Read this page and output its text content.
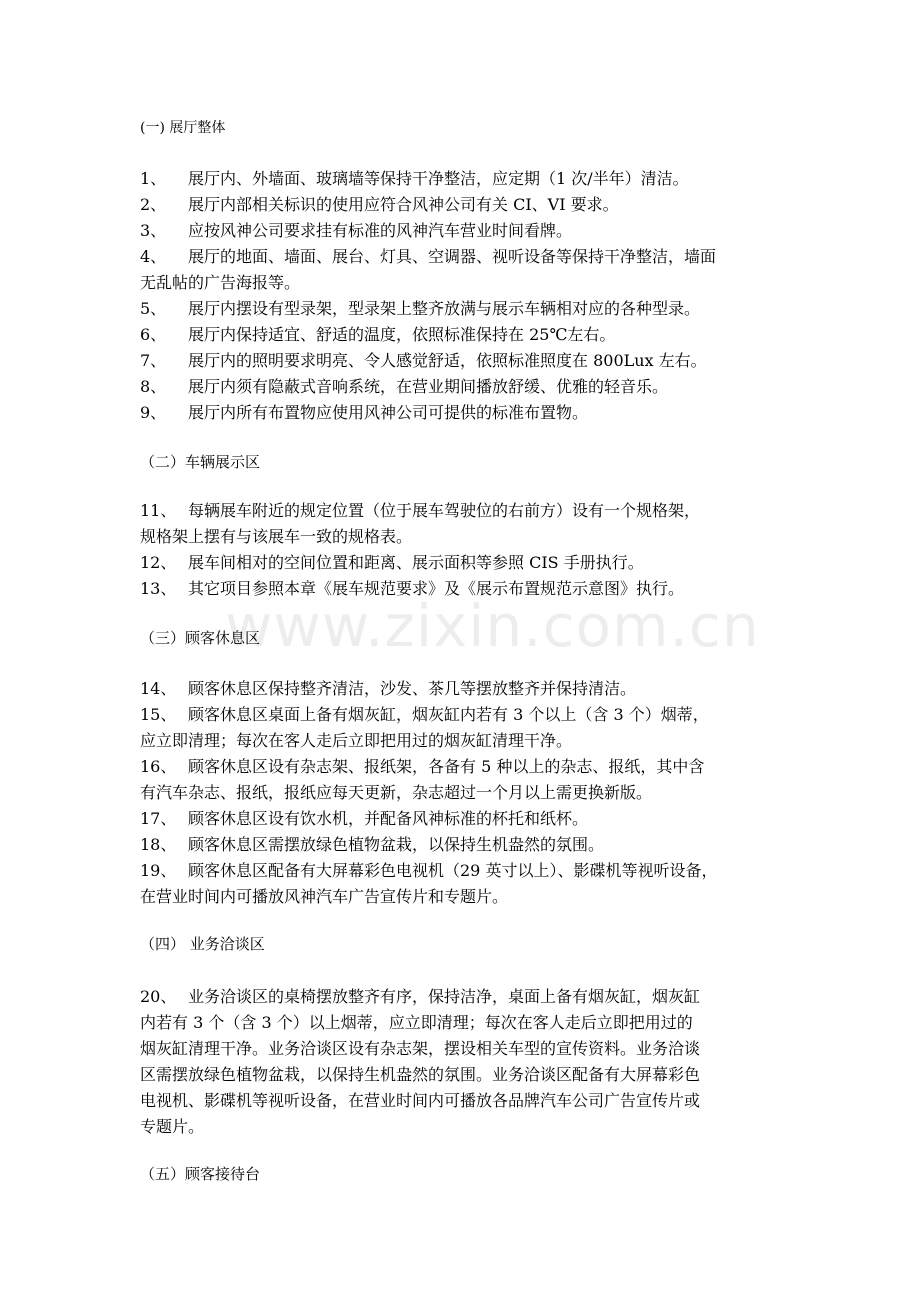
www.zixin.com.cn
(一) 展厅整体
1、 展厅内、外墙面、玻璃墙等保持干净整洁，应定期（1 次/半年）清洁。
2、 展厅内部相关标识的使用应符合风神公司有关 CI、VI 要求。
3、 应按风神公司要求挂有标准的风神汽车营业时间看牌。
4、 展厅的地面、墙面、展台、灯具、空调器、视听设备等保持干净整洁，墙面
无乱帖的广告海报等。
5、 展厅内摆设有型录架，型录架上整齐放满与展示车辆相对应的各种型录。
6、 展厅内保持适宜、舒适的温度，依照标准保持在 25℃左右。
7、 展厅内的照明要求明亮、令人感觉舒适，依照标准照度在 800Lux 左右。
8、 展厅内须有隐蔽式音响系统，在营业期间播放舒缓、优雅的轻音乐。
9、 展厅内所有布置物应使用风神公司可提供的标准布置物。
（二）车辆展示区
11、 每辆展车附近的规定位置（位于展车驾驶位的右前方）设有一个规格架，
规格架上摆有与该展车一致的规格表。
12、 展车间相对的空间位置和距离、展示面积等参照 CIS 手册执行。
13、 其它项目参照本章《展车规范要求》及《展示布置规范示意图》执行。
（三）顾客休息区
14、 顾客休息区保持整齐清洁，沙发、茶几等摆放整齐并保持清洁。
15、 顾客休息区桌面上备有烟灰缸，烟灰缸内若有 3 个以上（含 3 个）烟蒂，
应立即清理；每次在客人走后立即把用过的烟灰缸清理干净。
16、 顾客休息区设有杂志架、报纸架，各备有 5 种以上的杂志、报纸，其中含
有汽车杂志、报纸，报纸应每天更新，杂志超过一个月以上需更换新版。
17、 顾客休息区设有饮水机，并配备风神标准的杯托和纸杯。
18、 顾客休息区需摆放绿色植物盆栽，以保持生机盎然的氛围。
19、 顾客休息区配备有大屏幕彩色电视机（29 英寸以上）、影碟机等视听设备，
在营业时间内可播放风神汽车广告宣传片和专题片。
（四） 业务洽谈区
20、 业务洽谈区的桌椅摆放整齐有序，保持洁净，桌面上备有烟灰缸，烟灰缸
内若有 3 个（含 3 个）以上烟蒂，应立即清理；每次在客人走后立即把用过的
烟灰缸清理干净。业务洽谈区设有杂志架，摆设相关车型的宣传资料。业务洽谈
区需摆放绿色植物盆栽，以保持生机盎然的氛围。业务洽谈区配备有大屏幕彩色
电视机、影碟机等视听设备，在营业时间内可播放各品牌汽车公司广告宣传片或
专题片。
（五）顾客接待台
